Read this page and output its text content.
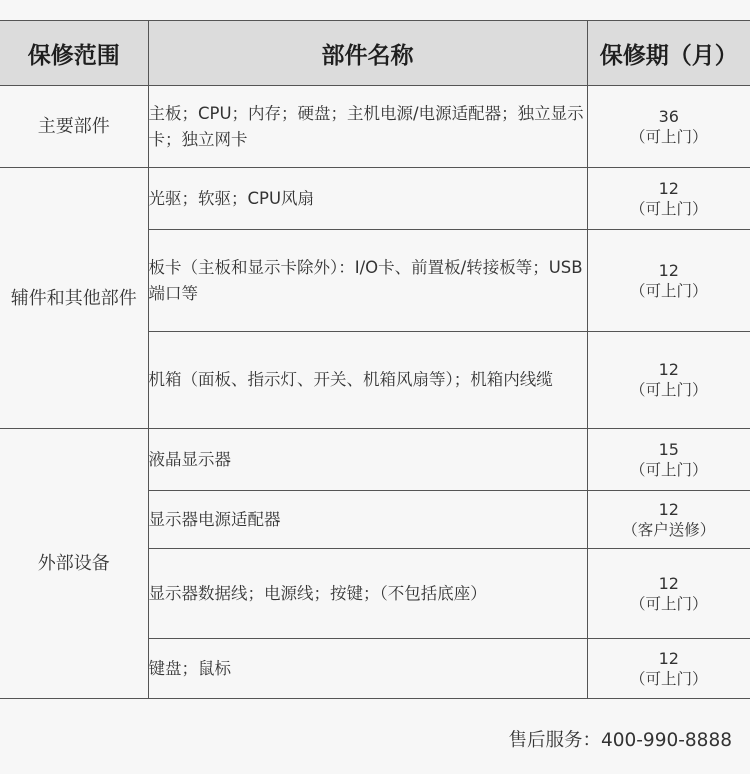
保修范围	部件名称	保修期（月）
主要部件	主板；CPU；内存；硬盘；主机电源/电源适配器；独立显示卡；独立网卡	36
（可上门）

辅件和其他部件	光驱；软驱；CPU风扇	12
（可上门）

	板卡（主板和显示卡除外）：I/O卡、前置板/转接板等；USB端口等	12
（可上门）

	机箱（面板、指示灯、开关、机箱风扇等）；机箱内线缆	12
（可上门）

外部设备	液晶显示器	15
（可上门）

	显示器电源适配器	12
（客户送修）

	显示器数据线；电源线；按键；（不包括底座）	12
（可上门）

	键盘；鼠标	12
（可上门）
售后服务：400-990-8888
